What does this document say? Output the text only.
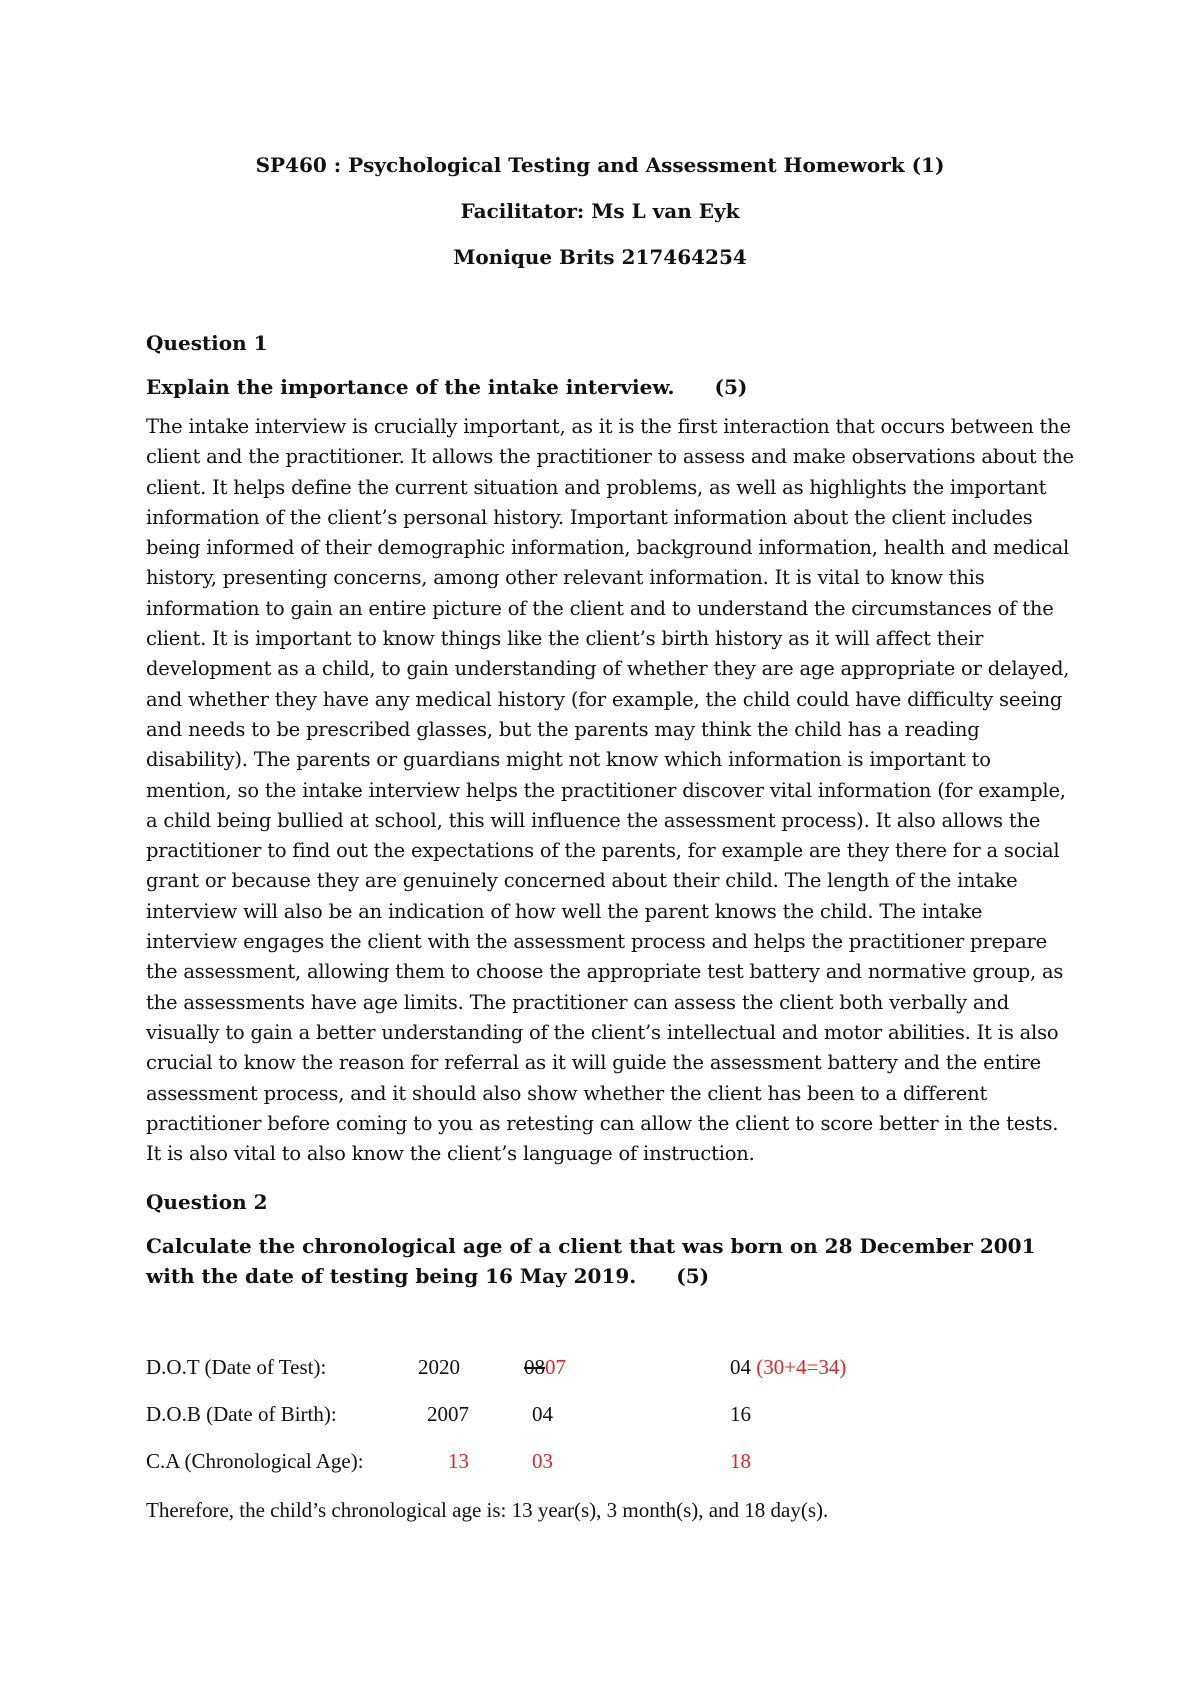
SP460 : Psychological Testing and Assessment Homework (1)
Facilitator: Ms L van Eyk
Monique Brits 217464254

Question 1

Explain the importance of the intake interview. (5)

The intake interview is crucially important, as it is the first interaction that occurs between the client and the practitioner. It allows the practitioner to assess and make observations about the client. It helps define the current situation and problems, as well as highlights the important information of the client’s personal history. Important information about the client includes being informed of their demographic information, background information, health and medical history, presenting concerns, among other relevant information. It is vital to know this information to gain an entire picture of the client and to understand the circumstances of the client. It is important to know things like the client’s birth history as it will affect their development as a child, to gain understanding of whether they are age appropriate or delayed, and whether they have any medical history (for example, the child could have difficulty seeing and needs to be prescribed glasses, but the parents may think the child has a reading disability). The parents or guardians might not know which information is important to mention, so the intake interview helps the practitioner discover vital information (for example, a child being bullied at school, this will influence the assessment process). It also allows the practitioner to find out the expectations of the parents, for example are they there for a social grant or because they are genuinely concerned about their child. The length of the intake interview will also be an indication of how well the parent knows the child. The intake interview engages the client with the assessment process and helps the practitioner prepare the assessment, allowing them to choose the appropriate test battery and normative group, as the assessments have age limits. The practitioner can assess the client both verbally and visually to gain a better understanding of the client’s intellectual and motor abilities. It is also crucial to know the reason for referral as it will guide the assessment battery and the entire assessment process, and it should also show whether the client has been to a different practitioner before coming to you as retesting can allow the client to score better in the tests. It is also vital to also know the client’s language of instruction.

Question 2

Calculate the chronological age of a client that was born on 28 December 2001 with the date of testing being 16 May 2019. (5)

D.O.T (Date of Test):	2020	0807	04 (30+4=34)
D.O.B (Date of Birth):	2007	04	16
C.A (Chronological Age):	13	03	18

Therefore, the child’s chronological age is: 13 year(s), 3 month(s), and 18 day(s).
